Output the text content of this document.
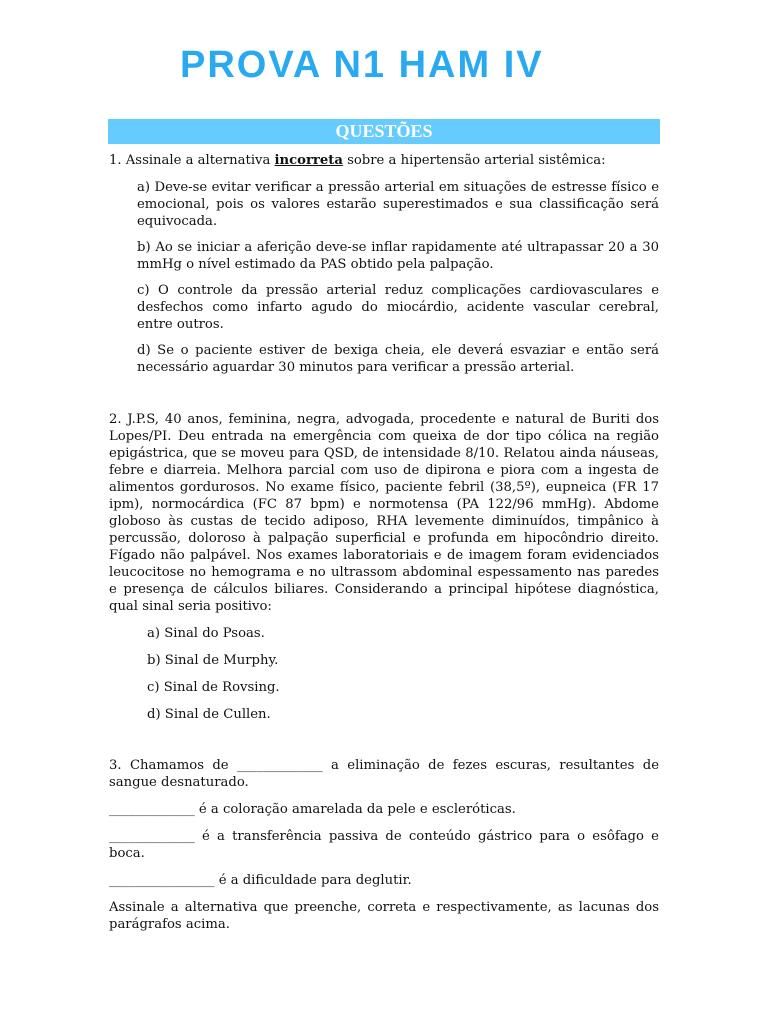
PROVA N1 HAM IV
QUESTÕES

1. Assinale a alternativa incorreta sobre a hipertensão arterial sistêmica:

a) Deve-se evitar verificar a pressão arterial em situações de estresse físico e emocional, pois os valores estarão superestimados e sua classificação será equivocada.

b) Ao se iniciar a aferição deve-se inflar rapidamente até ultrapassar 20 a 30 mmHg o nível estimado da PAS obtido pela palpação.

c) O controle da pressão arterial reduz complicações cardiovasculares e desfechos como infarto agudo do miocárdio, acidente vascular cerebral, entre outros.

d) Se o paciente estiver de bexiga cheia, ele deverá esvaziar e então será necessário aguardar 30 minutos para verificar a pressão arterial.

2. J.P.S, 40 anos, feminina, negra, advogada, procedente e natural de Buriti dos Lopes/PI. Deu entrada na emergência com queixa de dor tipo cólica na região epigástrica, que se moveu para QSD, de intensidade 8/10. Relatou ainda náuseas, febre e diarreia. Melhora parcial com uso de dipirona e piora com a ingesta de alimentos gordurosos. No exame físico, paciente febril (38,5º), eupneica (FR 17 ipm), normocárdica (FC 87 bpm) e normotensa (PA 122/96 mmHg). Abdome globoso às custas de tecido adiposo, RHA levemente diminuídos, timpânico à percussão, doloroso à palpação superficial e profunda em hipocôndrio direito. Fígado não palpável. Nos exames laboratoriais e de imagem foram evidenciados leucocitose no hemograma e no ultrassom abdominal espessamento nas paredes e presença de cálculos biliares. Considerando a principal hipótese diagnóstica, qual sinal seria positivo:

a) Sinal do Psoas.

b) Sinal de Murphy.

c) Sinal de Rovsing.

d) Sinal de Cullen.

3. Chamamos de _____________ a eliminação de fezes escuras, resultantes de sangue desnaturado.

_____________ é a coloração amarelada da pele e escleróticas.

_____________ é a transferência passiva de conteúdo gástrico para o esôfago e boca.

________________ é a dificuldade para deglutir.

Assinale a alternativa que preenche, correta e respectivamente, as lacunas dos parágrafos acima.
